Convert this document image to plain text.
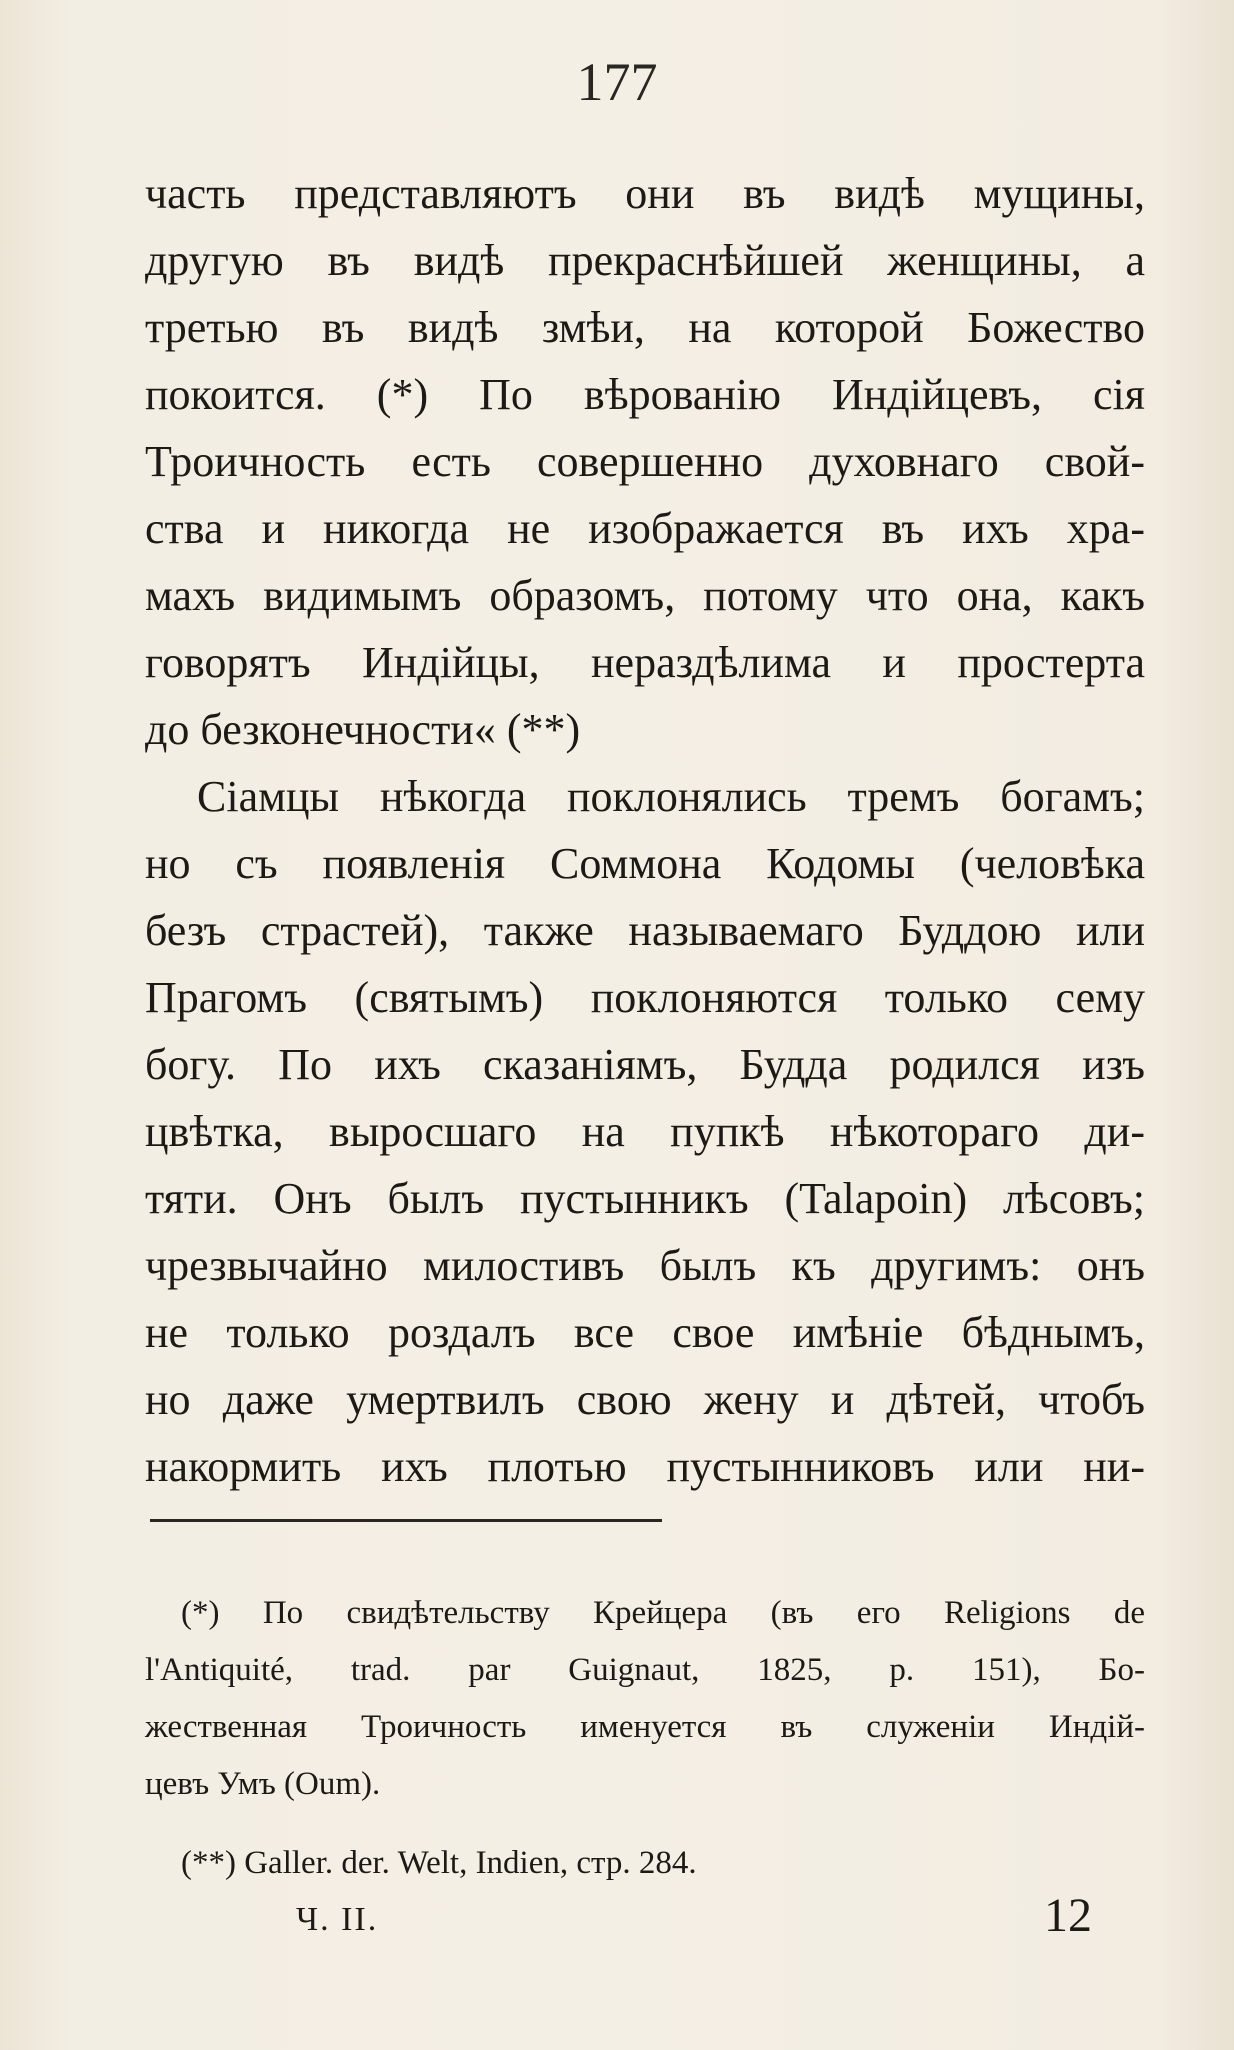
177
часть представляютъ они въ видѣ мущины,
другую въ видѣ прекраснѣйшей женщины, а
третью въ видѣ змѣи, на которой Божество
покоится. (*) По вѣрованію Индійцевъ, сія
Троичность есть совершенно духовнаго свой-
ства и никогда не изображается въ ихъ хра-
махъ видимымъ образомъ, потому что она, какъ
говорятъ Индійцы, нераздѣлима и простерта
до безконечности« (**)
Сіамцы нѣкогда поклонялись тремъ богамъ;
но съ появленія Соммона Кодомы (человѣка
безъ страстей), также называемаго Буддою или
Прагомъ (святымъ) поклоняются только сему
богу. По ихъ сказаніямъ, Будда родился изъ
цвѣтка, выросшаго на пупкѣ нѣкотораго ди-
тяти. Онъ былъ пустынникъ (Talapoin) лѣсовъ;
чрезвычайно милостивъ былъ къ другимъ: онъ
не только роздалъ все свое имѣніе бѣднымъ,
но даже умертвилъ свою жену и дѣтей, чтобъ
накормить ихъ плотью пустынниковъ или ни-
(*) По свидѣтельству Крейцера (въ его Religions de
l'Antiquité, trad. par Guignaut, 1825, p. 151), Бо-
жественная Троичность именуется въ служеніи Индій-
цевъ Умъ (Oum).
(**) Galler. der. Welt, Indien, стр. 284.
Ч. II.	12
